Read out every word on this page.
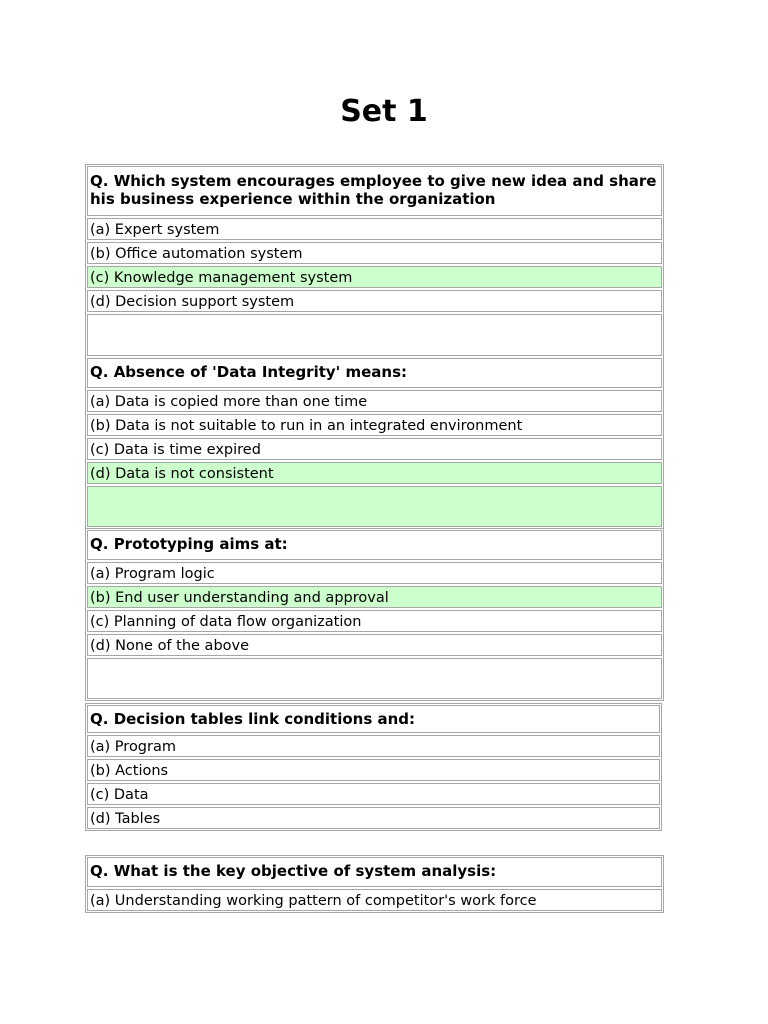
Set 1
Q. Which system encourages employee to give new idea and share his business experience within the organization
(a) Expert system
(b) Office automation system
(c) Knowledge management system
(d) Decision support system
Q. Absence of 'Data Integrity' means:
(a) Data is copied more than one time
(b) Data is not suitable to run in an integrated environment
(c) Data is time expired
(d) Data is not consistent
Q. Prototyping aims at:
(a) Program logic
(b) End user understanding and approval
(c) Planning of data flow organization
(d) None of the above
Q. Decision tables link conditions and:
(a) Program
(b) Actions
(c) Data
(d) Tables
Q. What is the key objective of system analysis:
(a) Understanding working pattern of competitor's work force
